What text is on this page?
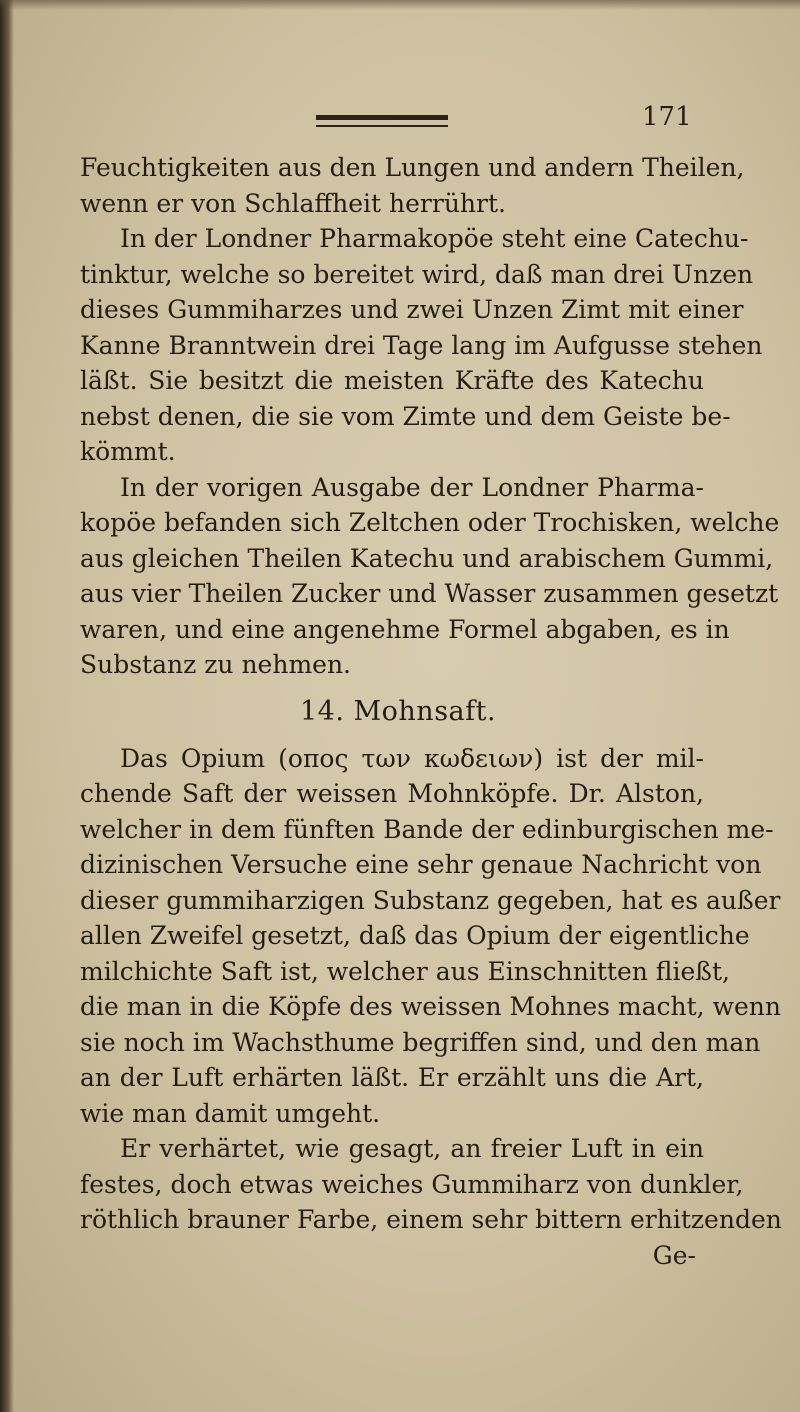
171
Feuchtigkeiten aus den Lungen und andern Theilen,
wenn er von Schlaffheit herrührt.
In der Londner Pharmakopöe steht eine Catechu-
tinktur, welche so bereitet wird, daß man drei Unzen
dieses Gummiharzes und zwei Unzen Zimt mit einer
Kanne Branntwein drei Tage lang im Aufgusse stehen
läßt. Sie besitzt die meisten Kräfte des Katechu
nebst denen, die sie vom Zimte und dem Geiste be-
kömmt.
In der vorigen Ausgabe der Londner Pharma-
kopöe befanden sich Zeltchen oder Trochisken, welche
aus gleichen Theilen Katechu und arabischem Gummi,
aus vier Theilen Zucker und Wasser zusammen gesetzt
waren, und eine angenehme Formel abgaben, es in
Substanz zu nehmen.
14. Mohnsaft.
Das Opium (οπος των κωδειων) ist der mil-
chende Saft der weissen Mohnköpfe. Dr. Alston,
welcher in dem fünften Bande der edinburgischen me-
dizinischen Versuche eine sehr genaue Nachricht von
dieser gummiharzigen Substanz gegeben, hat es außer
allen Zweifel gesetzt, daß das Opium der eigentliche
milchichte Saft ist, welcher aus Einschnitten fließt,
die man in die Köpfe des weissen Mohnes macht, wenn
sie noch im Wachsthume begriffen sind, und den man
an der Luft erhärten läßt. Er erzählt uns die Art,
wie man damit umgeht.
Er verhärtet, wie gesagt, an freier Luft in ein
festes, doch etwas weiches Gummiharz von dunkler,
röthlich brauner Farbe, einem sehr bittern erhitzenden
Ge-
